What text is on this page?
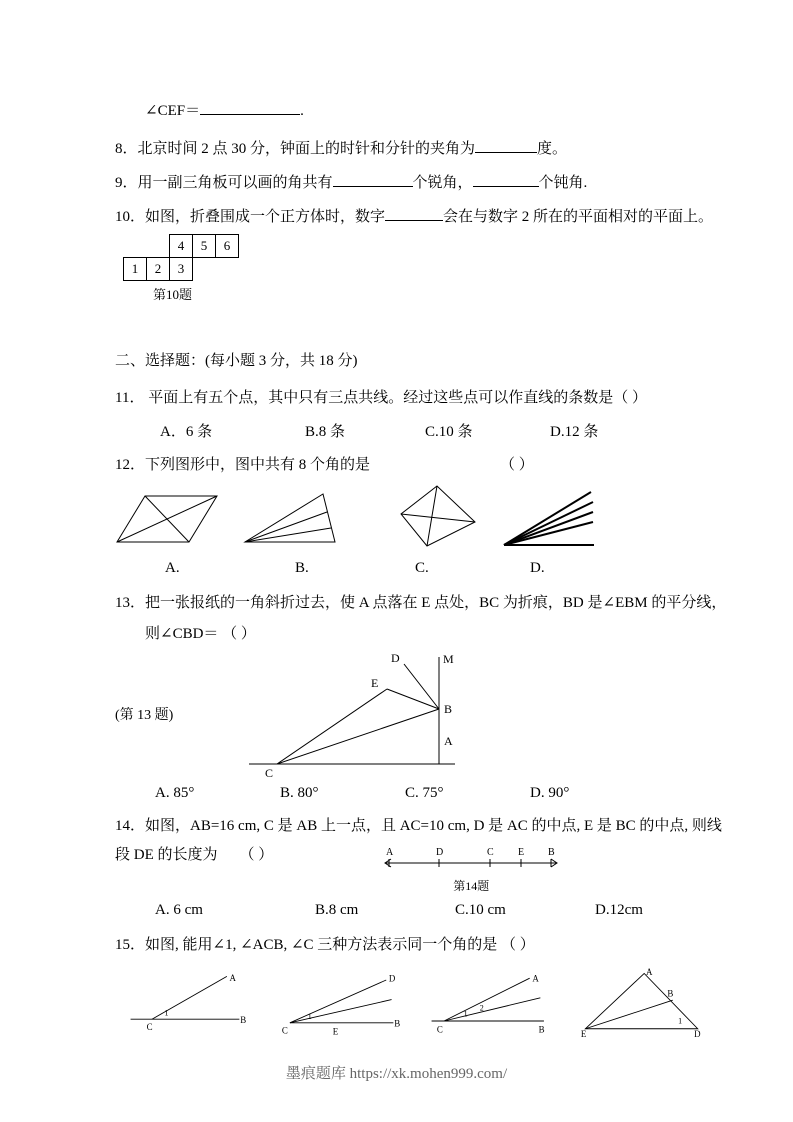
∠CEF＝	.

8．北京时间 2 点 30 分，钟面上的时针和分针的夹角为	度。

9．用一副三角板可以画的角共有	个锐角，	个钝角.

10．如图，折叠围成一个正方体时，数字	会在与数字 2 所在的平面相对的平面上。

4	5	6
1	2	3
第10题

二、选择题：(每小题 3 分，共 18 分)

11． 平面上有五个点，其中只有三点共线。经过这些点可以作直线的条数是（ ）

A．6 条	B.8 条	C.10 条	D.12 条

12．下列图形中，图中共有 8 个角的是	（ ）

A.	B.	C.	D.

13．把一张报纸的一角斜折过去，使 A 点落在 E 点处，BC 为折痕，BD 是∠EBM 的平分线，

则∠CBD＝ （ ）

(第 13 题)
M
D
E
B
A
C
A. 85°	B. 80°	C. 75°	D. 90°

14．如图，AB=16 cm, C 是 AB 上一点，且 AC=10 cm, D 是 AC 的中点, E 是 BC 的中点, 则线

段 DE 的长度为 （ ）	A	D	C E B
第14题
A. 6 cm	B.8 cm	C.10 cm	D.12cm

15．如图, 能用∠1, ∠ACB, ∠C 三种方法表示同一个角的是 （ ）

A
1
C
B
D
1
C
B
E
A
1
2
C	B
A
B
1
E	D
墨痕题库 https://xk.mohen999.com/
